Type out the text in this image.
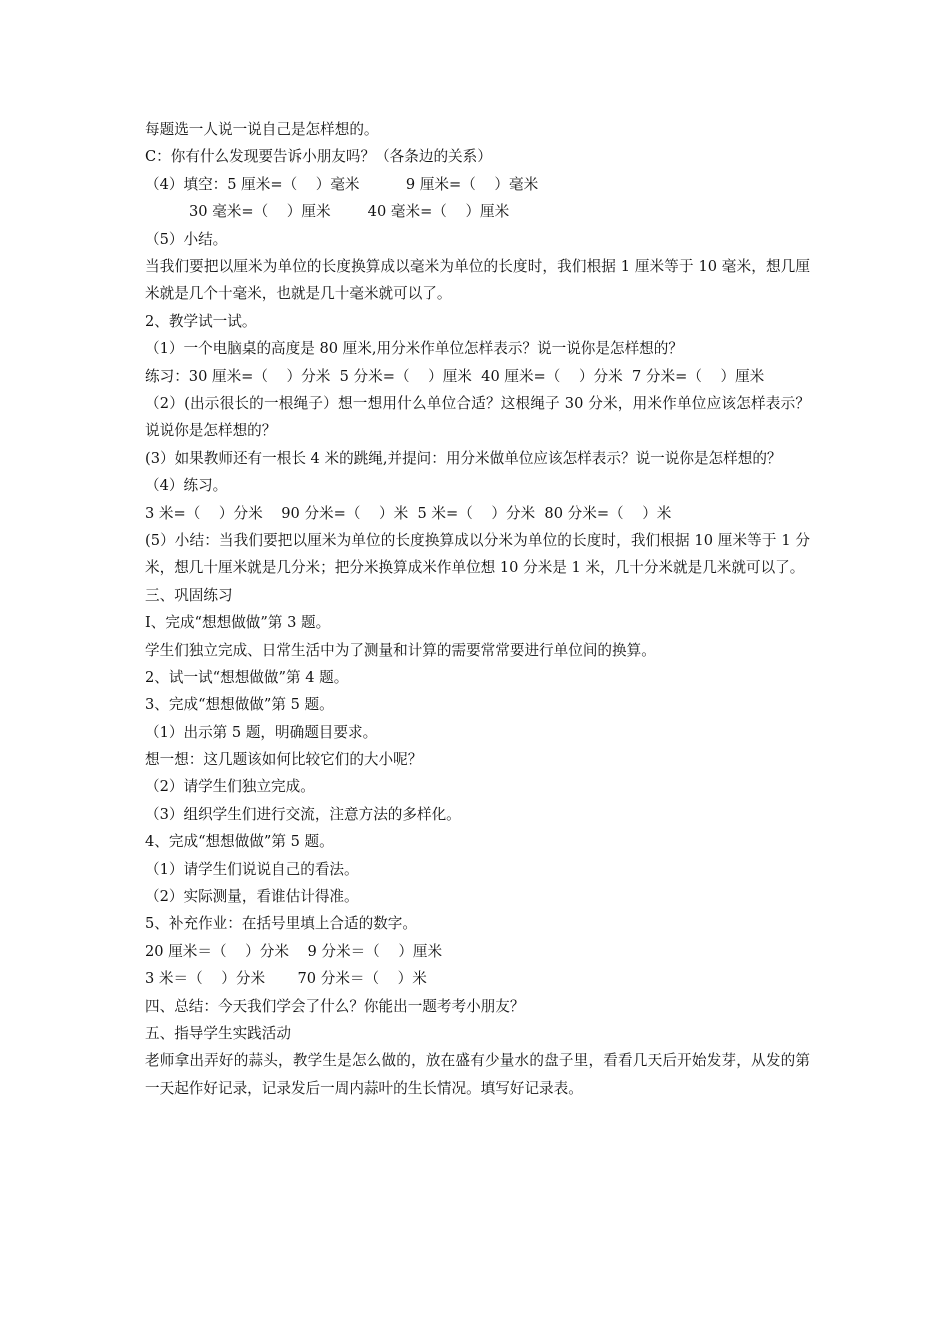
每题选一人说一说自己是怎样想的。
C：你有什么发现要告诉小朋友吗？（各条边的关系）
（4）填空：5 厘米=（    ）毫米          9 厘米=（    ）毫米
30 毫米=（    ）厘米        40 毫米=（    ）厘米
（5）小结。
当我们要把以厘米为单位的长度换算成以毫米为单位的长度时，我们根据 1 厘米等于 10 毫米，想几厘米就是几个十毫米，也就是几十毫米就可以了。
2、教学试一试。
（1）一个电脑桌的高度是 80 厘米,用分米作单位怎样表示？说一说你是怎样想的？
练习：30 厘米=（    ）分米  5 分米=（    ）厘米  40 厘米=（    ）分米  7 分米=（    ）厘米
（2）(出示很长的一根绳子）想一想用什么单位合适？这根绳子 30 分米，用米作单位应该怎样表示？说说你是怎样想的？
(3）如果教师还有一根长 4 米的跳绳,并提问：用分米做单位应该怎样表示？说一说你是怎样想的？
（4）练习。
3 米=（    ）分米    90 分米=（    ）米  5 米=（    ）分米  80 分米=（    ）米
(5）小结：当我们要把以厘米为单位的长度换算成以分米为单位的长度时，我们根据 10 厘米等于 1 分米，想几十厘米就是几分米；把分米换算成米作单位想 10 分米是 1 米，几十分米就是几米就可以了。
三、巩固练习
I、完成“想想做做”第 3 题。
学生们独立完成、日常生活中为了测量和计算的需要常常要进行单位间的换算。
2、试一试“想想做做”第 4 题。
3、完成“想想做做”第 5 题。
（1）出示第 5 题，明确题目要求。
想一想：这几题该如何比较它们的大小呢？
（2）请学生们独立完成。
（3）组织学生们进行交流，注意方法的多样化。
4、完成“想想做做”第 5 题。
（1）请学生们说说自己的看法。
（2）实际测量，看谁估计得准。
5、补充作业：在括号里填上合适的数字。
20 厘米＝（    ）分米    9 分米＝（    ）厘米
3 米＝（    ）分米       70 分米＝（    ）米
四、总结：今天我们学会了什么？你能出一题考考小朋友？
五、指导学生实践活动
老师拿出弄好的蒜头，教学生是怎么做的，放在盛有少量水的盘子里，看看几天后开始发芽，从发的第一天起作好记录，记录发后一周内蒜叶的生长情况。填写好记录表。
